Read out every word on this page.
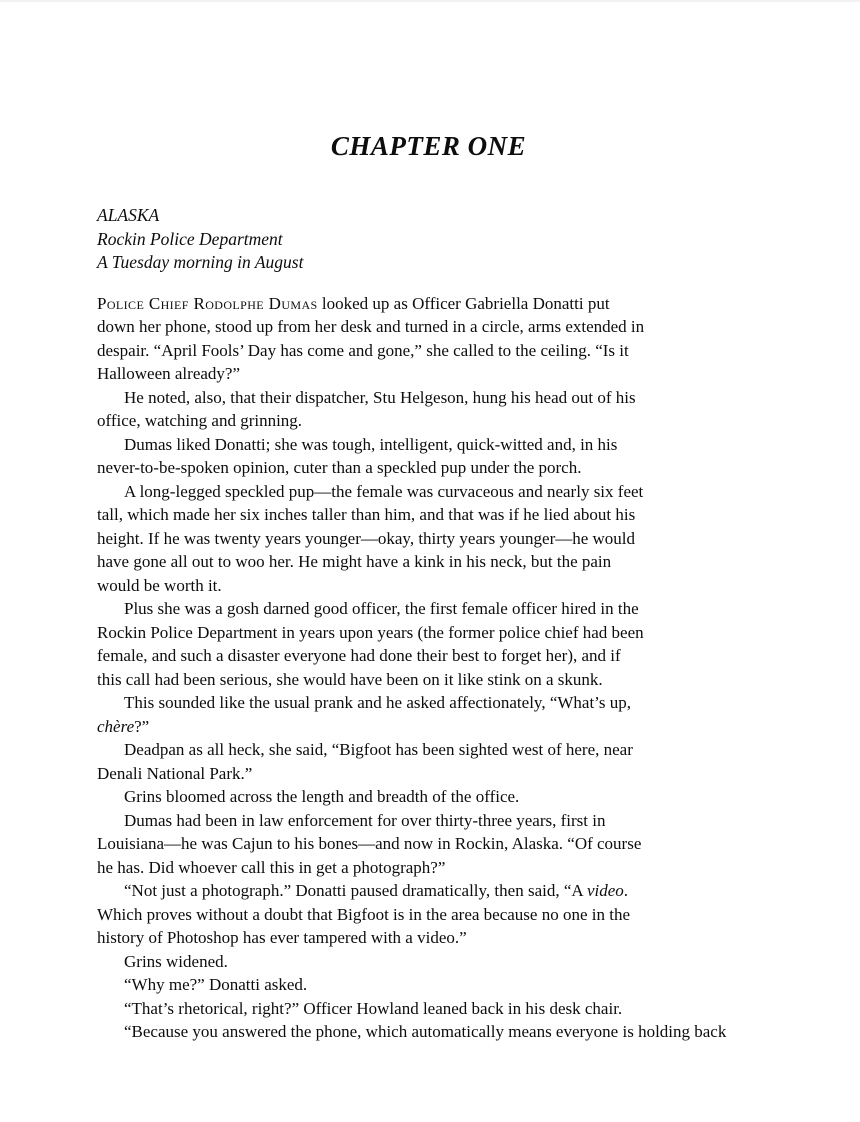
CHAPTER ONE
ALASKA
Rockin Police Department
A Tuesday morning in August
Police Chief Rodolphe Dumas looked up as Officer Gabriella Donatti put
down her phone, stood up from her desk and turned in a circle, arms extended in
despair. “April Fools’ Day has come and gone,” she called to the ceiling. “Is it
Halloween already?”
He noted, also, that their dispatcher, Stu Helgeson, hung his head out of his
office, watching and grinning.
Dumas liked Donatti; she was tough, intelligent, quick-witted and, in his
never-to-be-spoken opinion, cuter than a speckled pup under the porch.
A long-legged speckled pup—the female was curvaceous and nearly six feet
tall, which made her six inches taller than him, and that was if he lied about his
height. If he was twenty years younger—okay, thirty years younger—he would
have gone all out to woo her. He might have a kink in his neck, but the pain
would be worth it.
Plus she was a gosh darned good officer, the first female officer hired in the
Rockin Police Department in years upon years (the former police chief had been
female, and such a disaster everyone had done their best to forget her), and if
this call had been serious, she would have been on it like stink on a skunk.
This sounded like the usual prank and he asked affectionately, “What’s up,
chère?”
Deadpan as all heck, she said, “Bigfoot has been sighted west of here, near
Denali National Park.”
Grins bloomed across the length and breadth of the office.
Dumas had been in law enforcement for over thirty-three years, first in
Louisiana—he was Cajun to his bones—and now in Rockin, Alaska. “Of course
he has. Did whoever call this in get a photograph?”
“Not just a photograph.” Donatti paused dramatically, then said, “A video.
Which proves without a doubt that Bigfoot is in the area because no one in the
history of Photoshop has ever tampered with a video.”
Grins widened.
“Why me?” Donatti asked.
“That’s rhetorical, right?” Officer Howland leaned back in his desk chair.
“Because you answered the phone, which automatically means everyone is holding back
